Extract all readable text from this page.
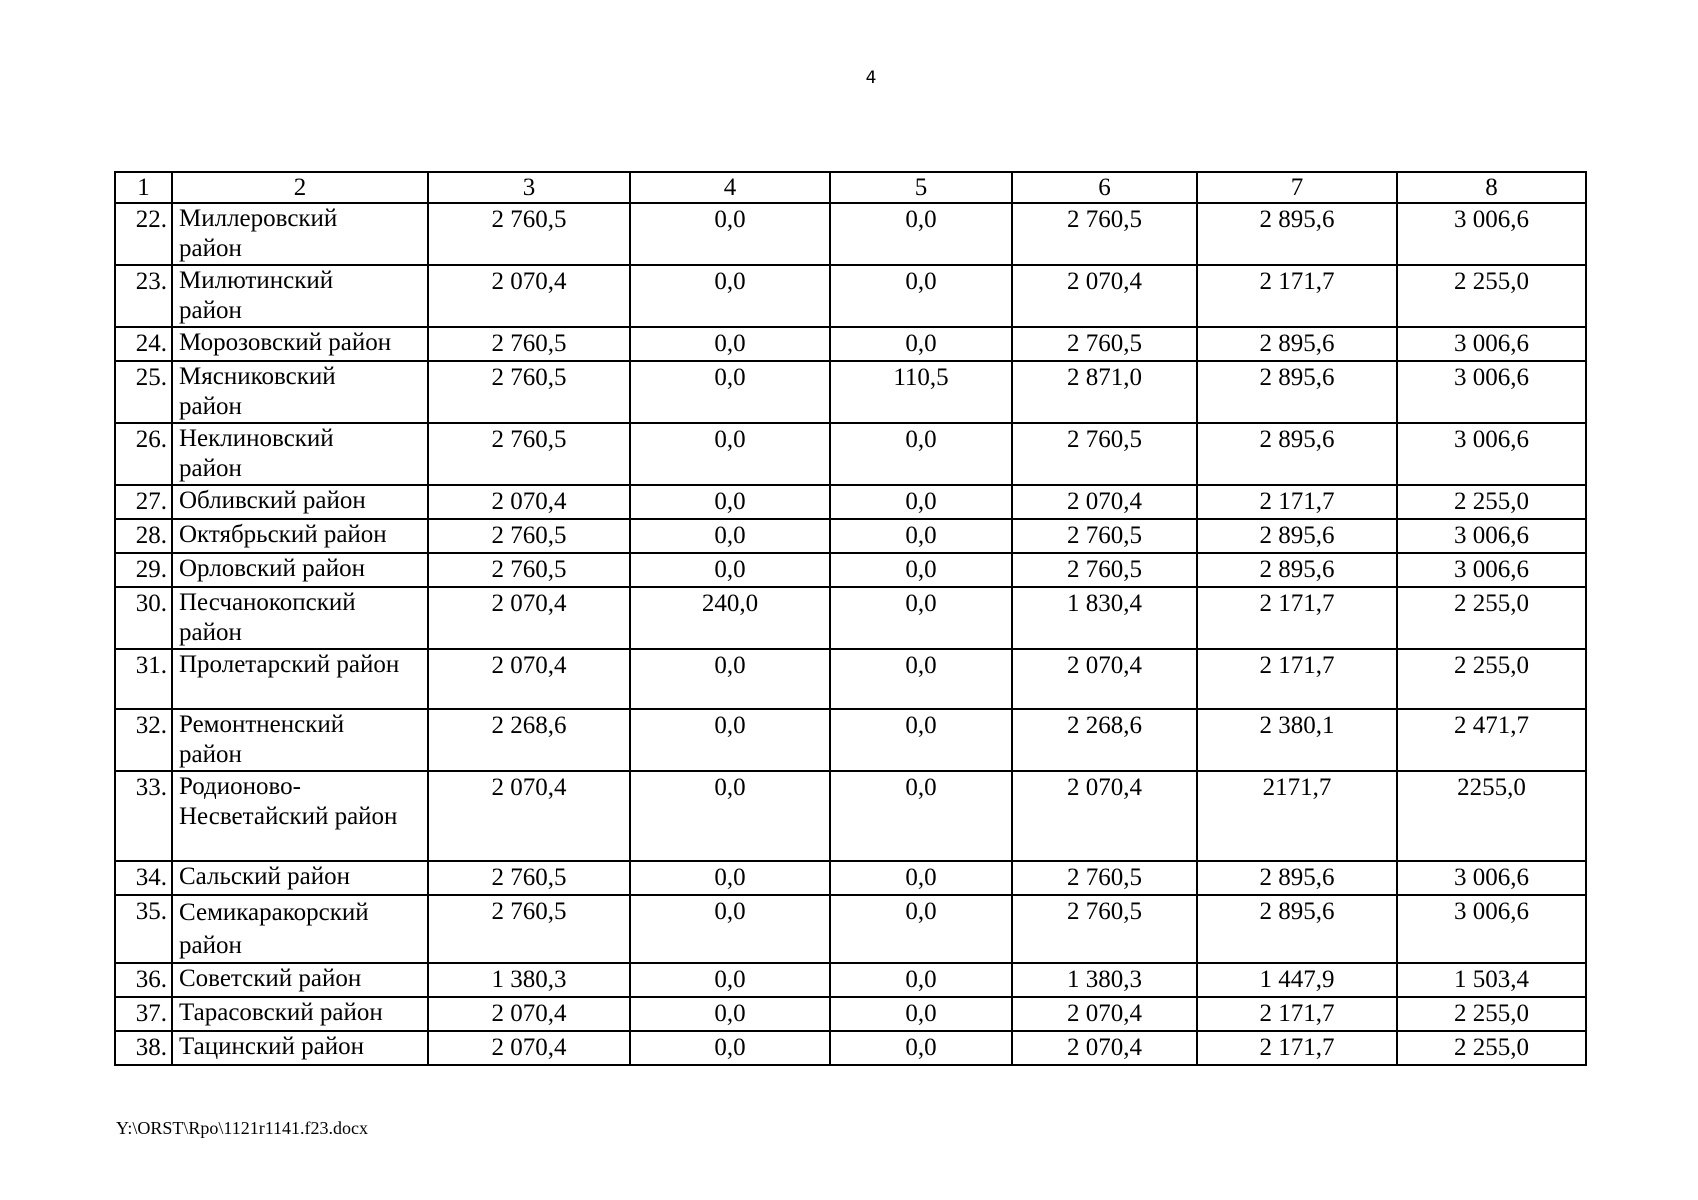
4
1	2	3	4	5	6	7	8
22.	Миллеровский район	2 760,5	0,0	0,0	2 760,5	2 895,6	3 006,6
23.	Милютинский район	2 070,4	0,0	0,0	2 070,4	2 171,7	2 255,0
24.	Морозовский район	2 760,5	0,0	0,0	2 760,5	2 895,6	3 006,6
25.	Мясниковский район	2 760,5	0,0	110,5	2 871,0	2 895,6	3 006,6
26.	Неклиновский район	2 760,5	0,0	0,0	2 760,5	2 895,6	3 006,6
27.	Обливский район	2 070,4	0,0	0,0	2 070,4	2 171,7	2 255,0
28.	Октябрьский район	2 760,5	0,0	0,0	2 760,5	2 895,6	3 006,6
29.	Орловский район	2 760,5	0,0	0,0	2 760,5	2 895,6	3 006,6
30.	Песчанокопский район	2 070,4	240,0	0,0	1 830,4	2 171,7	2 255,0
31.	Пролетарский район	2 070,4	0,0	0,0	2 070,4	2 171,7	2 255,0
32.	Ремонтненский район	2 268,6	0,0	0,0	2 268,6	2 380,1	2 471,7
33.	Родионово-Несветайский район	2 070,4	0,0	0,0	2 070,4	2171,7	2255,0
34.	Сальский район	2 760,5	0,0	0,0	2 760,5	2 895,6	3 006,6
35.	Семикаракорский район	2 760,5	0,0	0,0	2 760,5	2 895,6	3 006,6
36.	Советский район	1 380,3	0,0	0,0	1 380,3	1 447,9	1 503,4
37.	Тарасовский район	2 070,4	0,0	0,0	2 070,4	2 171,7	2 255,0
38.	Тацинский район	2 070,4	0,0	0,0	2 070,4	2 171,7	2 255,0
Y:\ORST\Rpo\1121r1141.f23.docx
